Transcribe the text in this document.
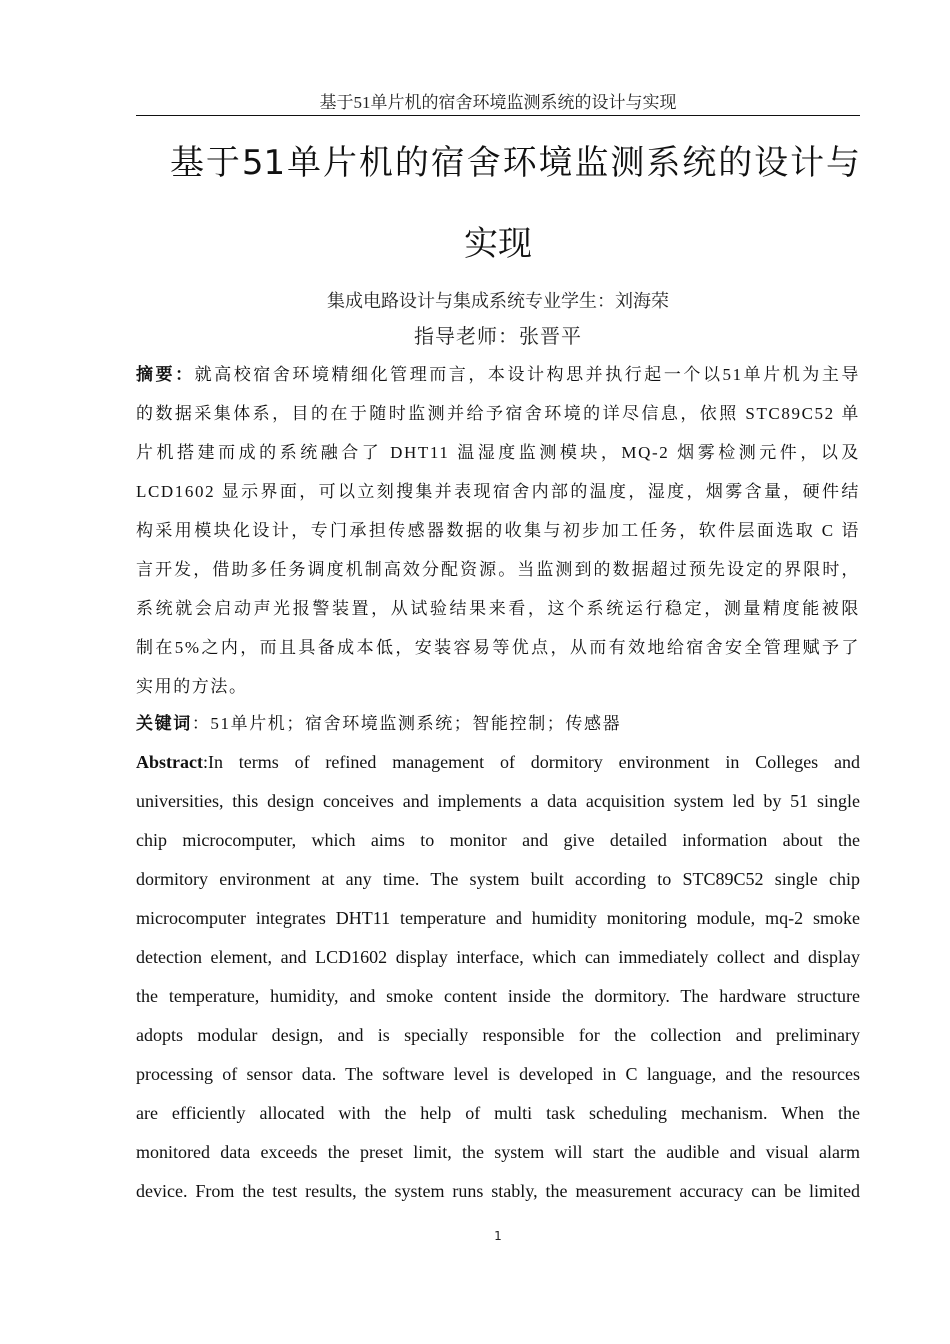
基于51单片机的宿舍环境监测系统的设计与实现
基于51单片机的宿舍环境监测系统的设计与
实现
集成电路设计与集成系统专业学生：刘海荣
指导老师：张晋平
摘要：就高校宿舍环境精细化管理而言，本设计构思并执行起一个以51单片机为主导
的数据采集体系，目的在于随时监测并给予宿舍环境的详尽信息，依照 STC89C52 单
片机搭建而成的系统融合了 DHT11 温湿度监测模块，MQ-2 烟雾检测元件，以及
LCD1602 显示界面，可以立刻搜集并表现宿舍内部的温度，湿度，烟雾含量，硬件结
构采用模块化设计，专门承担传感器数据的收集与初步加工任务，软件层面选取 C 语
言开发，借助多任务调度机制高效分配资源。当监测到的数据超过预先设定的界限时，
系统就会启动声光报警装置，从试验结果来看，这个系统运行稳定，测量精度能被限
制在5%之内，而且具备成本低，安装容易等优点，从而有效地给宿舍安全管理赋予了
实用的方法。
关键词：51单片机；宿舍环境监测系统；智能控制；传感器
Abstract:In terms of refined management of dormitory environment in Colleges and
universities, this design conceives and implements a data acquisition system led by 51 single
chip microcomputer, which aims to monitor and give detailed information about the
dormitory environment at any time. The system built according to STC89C52 single chip
microcomputer integrates DHT11 temperature and humidity monitoring module, mq-2 smoke
detection element, and LCD1602 display interface, which can immediately collect and display
the temperature, humidity, and smoke content inside the dormitory. The hardware structure
adopts modular design, and is specially responsible for the collection and preliminary
processing of sensor data. The software level is developed in C language, and the resources
are efficiently allocated with the help of multi task scheduling mechanism. When the
monitored data exceeds the preset limit, the system will start the audible and visual alarm
device. From the test results, the system runs stably, the measurement accuracy can be limited
1
